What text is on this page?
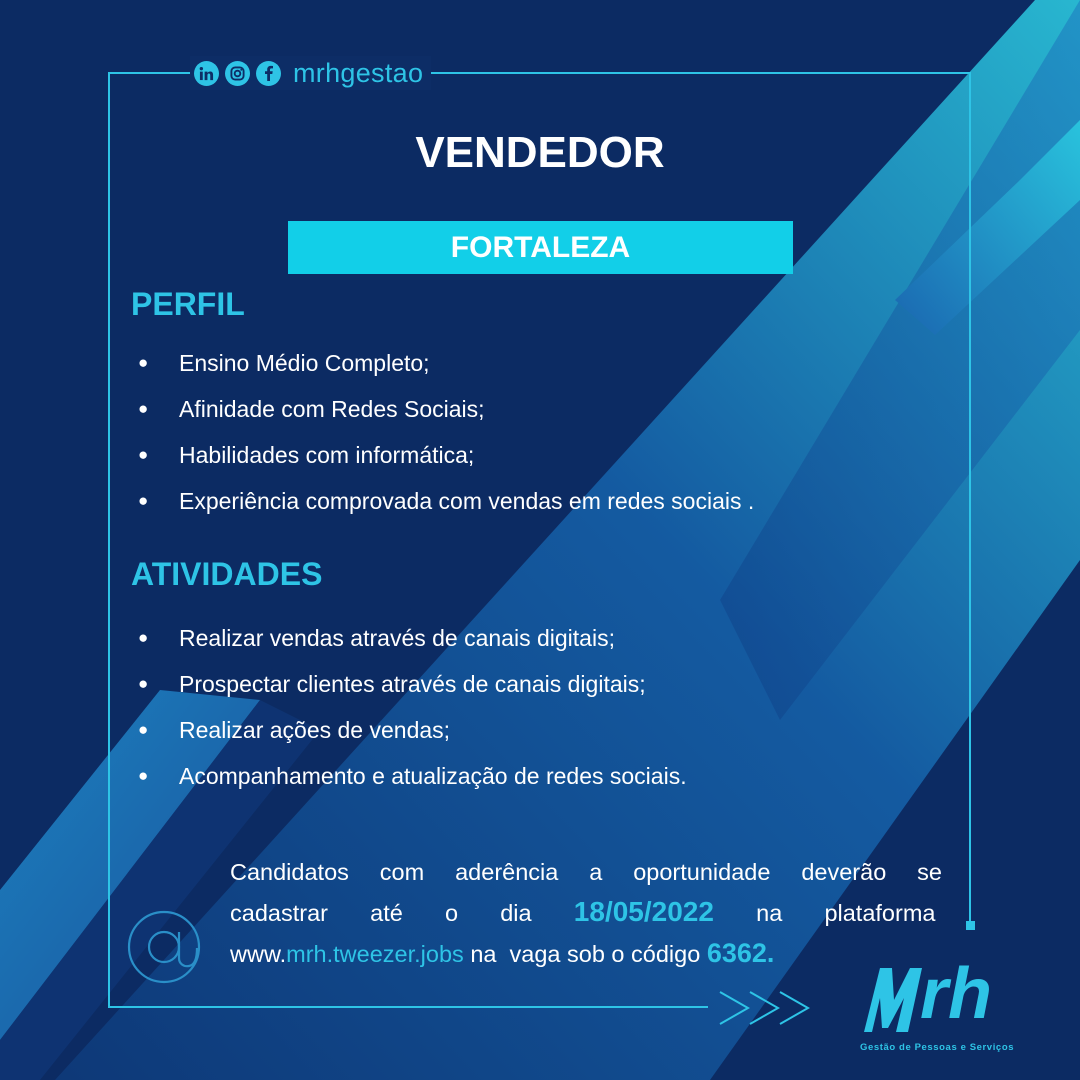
mrhgestao
VENDEDOR
FORTALEZA
PERFIL
● Ensino Médio Completo;
● Afinidade com Redes Sociais;
● Habilidades com informática;
● Experiência comprovada com vendas em redes sociais .
ATIVIDADES
● Realizar vendas através de canais digitais;
● Prospectar clientes através de canais digitais;
● Realizar ações de vendas;
● Acompanhamento e atualização de redes sociais.
Candidatos com aderência a oportunidade deverão se
cadastrar até o dia 18/05/2022 na plataforma
www.mrh.tweezer.jobs na  vaga sob o código 6362.
rh
Gestão de Pessoas e Serviços
